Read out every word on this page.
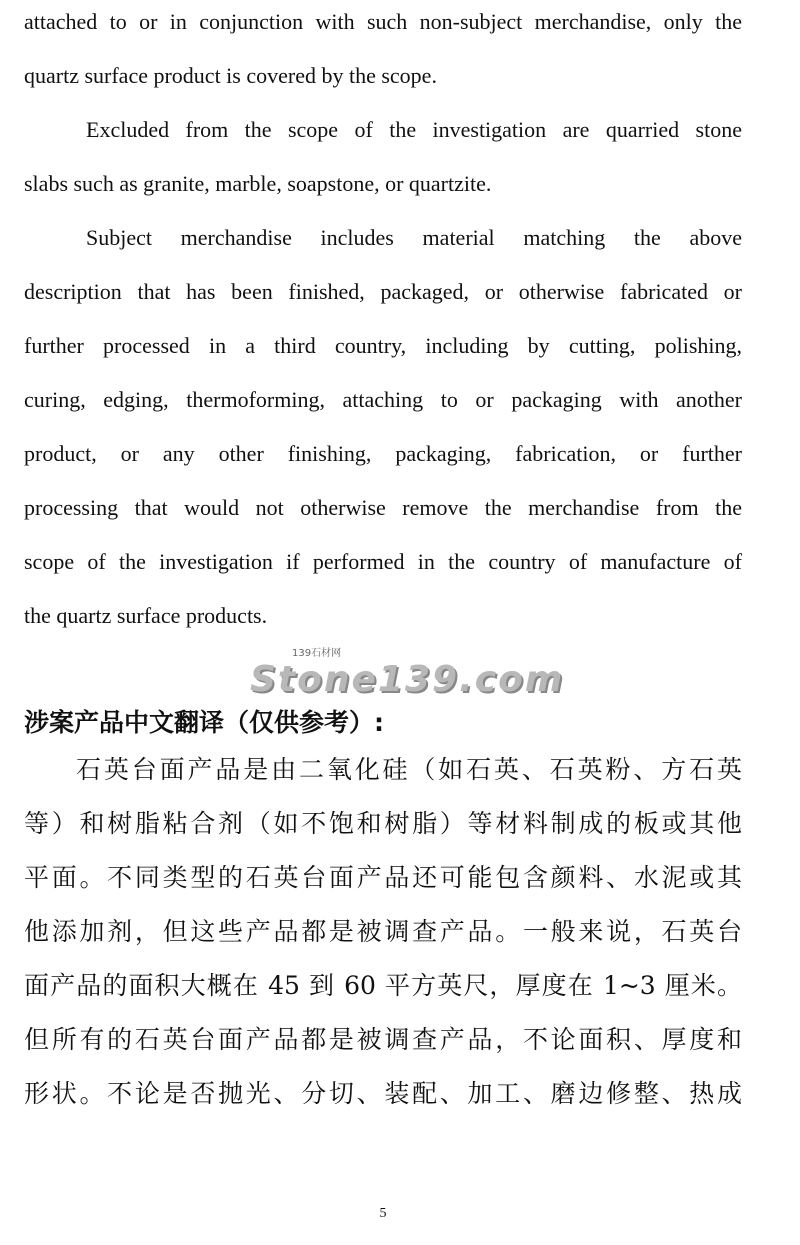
attached to or in conjunction with such non-subject merchandise, only the
quartz surface product is covered by the scope.
Excluded from the scope of the investigation are quarried stone
slabs such as granite, marble, soapstone, or quartzite.
Subject merchandise includes material matching the above
description that has been finished, packaged, or otherwise fabricated or
further processed in a third country, including by cutting, polishing,
curing, edging, thermoforming, attaching to or packaging with another
product, or any other finishing, packaging, fabrication, or further
processing that would not otherwise remove the merchandise from the
scope of the investigation if performed in the country of manufacture of
the quartz surface products.
139石材网
Stone139.com
涉案产品中文翻译（仅供参考）:
石英台面产品是由二氧化硅（如石英、石英粉、方石英
等）和树脂粘合剂（如不饱和树脂）等材料制成的板或其他
平面。不同类型的石英台面产品还可能包含颜料、水泥或其
他添加剂，但这些产品都是被调查产品。一般来说，石英台
面产品的面积大概在 45 到 60 平方英尺，厚度在 1~3 厘米。
但所有的石英台面产品都是被调查产品，不论面积、厚度和
形状。不论是否抛光、分切、装配、加工、磨边修整、热成
5
